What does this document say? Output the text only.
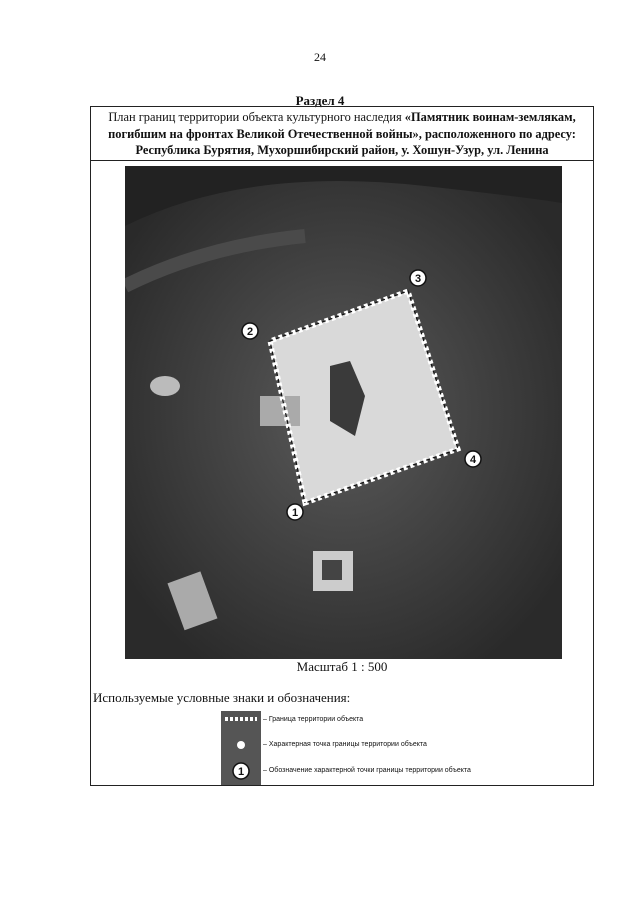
24
Раздел 4
План границ территории объекта культурного наследия «Памятник воинам-землякам, погибшим на фронтах Великой Отечественной войны», расположенного по адресу: Республика Бурятия, Мухоршибирский район, у. Хошун-Узур, ул. Ленина
1
2
3
4
Масштаб 1 : 500
Используемые условные знаки и обозначения:
1
– Граница территории объекта
– Характерная точка границы территории объекта
– Обозначение характерной точки границы территории объекта
